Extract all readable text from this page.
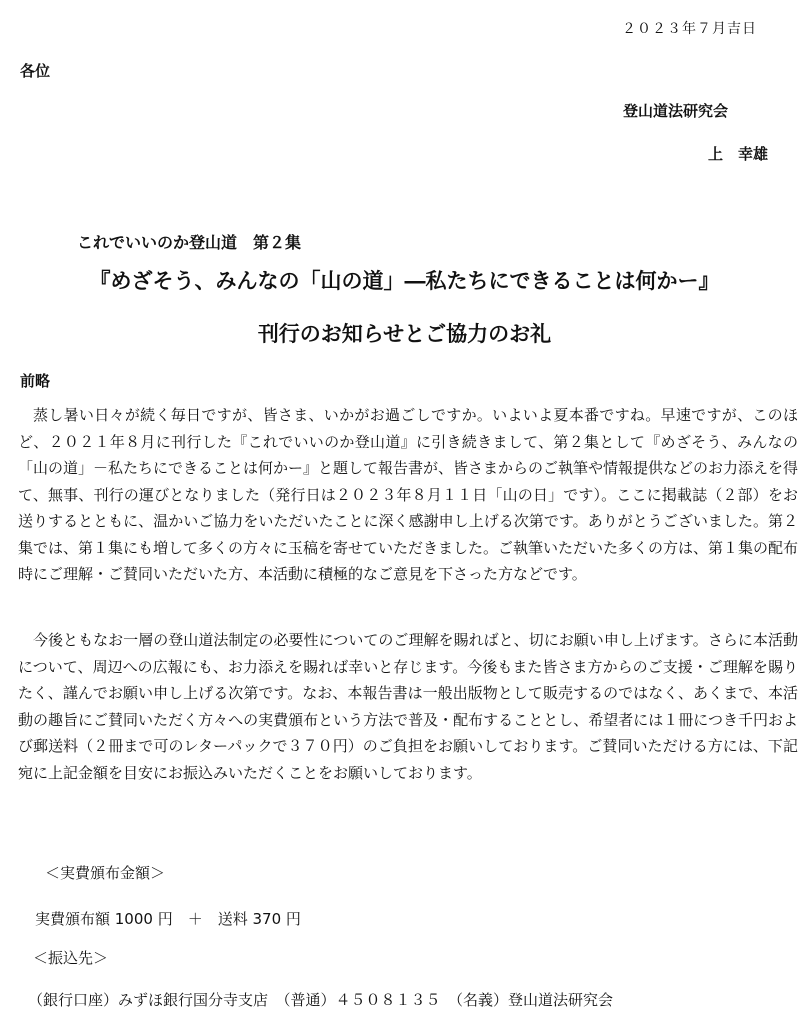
２０２３年７月吉日
各位
登山道法研究会
上　幸雄
これでいいのか登山道　第２集
『めざそう、みんなの「山の道」―私たちにできることは何かー』
刊行のお知らせとご協力のお礼
前略
蒸し暑い日々が続く毎日ですが、皆さま、いかがお過ごしですか。いよいよ夏本番ですね。早速ですが、このほど、２０２１年８月に刊行した『これでいいのか登山道』に引き続きまして、第２集として『めざそう、みんなの「山の道」－私たちにできることは何かー』と題して報告書が、皆さまからのご執筆や情報提供などのお力添えを得て、無事、刊行の運びとなりました（発行日は２０２３年８月１１日「山の日」です）。ここに掲載誌（２部）をお送りするとともに、温かいご協力をいただいたことに深く感謝申し上げる次第です。ありがとうございました。第２集では、第１集にも増して多くの方々に玉稿を寄せていただきました。ご執筆いただいた多くの方は、第１集の配布時にご理解・ご賛同いただいた方、本活動に積極的なご意見を下さった方などです。
今後ともなお一層の登山道法制定の必要性についてのご理解を賜ればと、切にお願い申し上げます。さらに本活動について、周辺への広報にも、お力添えを賜れば幸いと存じます。今後もまた皆さま方からのご支援・ご理解を賜りたく、謹んでお願い申し上げる次第です。なお、本報告書は一般出版物として販売するのではなく、あくまで、本活動の趣旨にご賛同いただく方々への実費頒布という方法で普及・配布することとし、希望者には１冊につき千円および郵送料（２冊まで可のレターパックで３７０円）のご負担をお願いしております。ご賛同いただける方には、下記宛に上記金額を目安にお振込みいただくことをお願いしております。
＜実費頒布金額＞
実費頒布額 1000 円　＋　送料 370 円
＜振込先＞
（銀行口座）みずほ銀行国分寺支店　（普通）４５０８１３５　（名義）登山道法研究会
